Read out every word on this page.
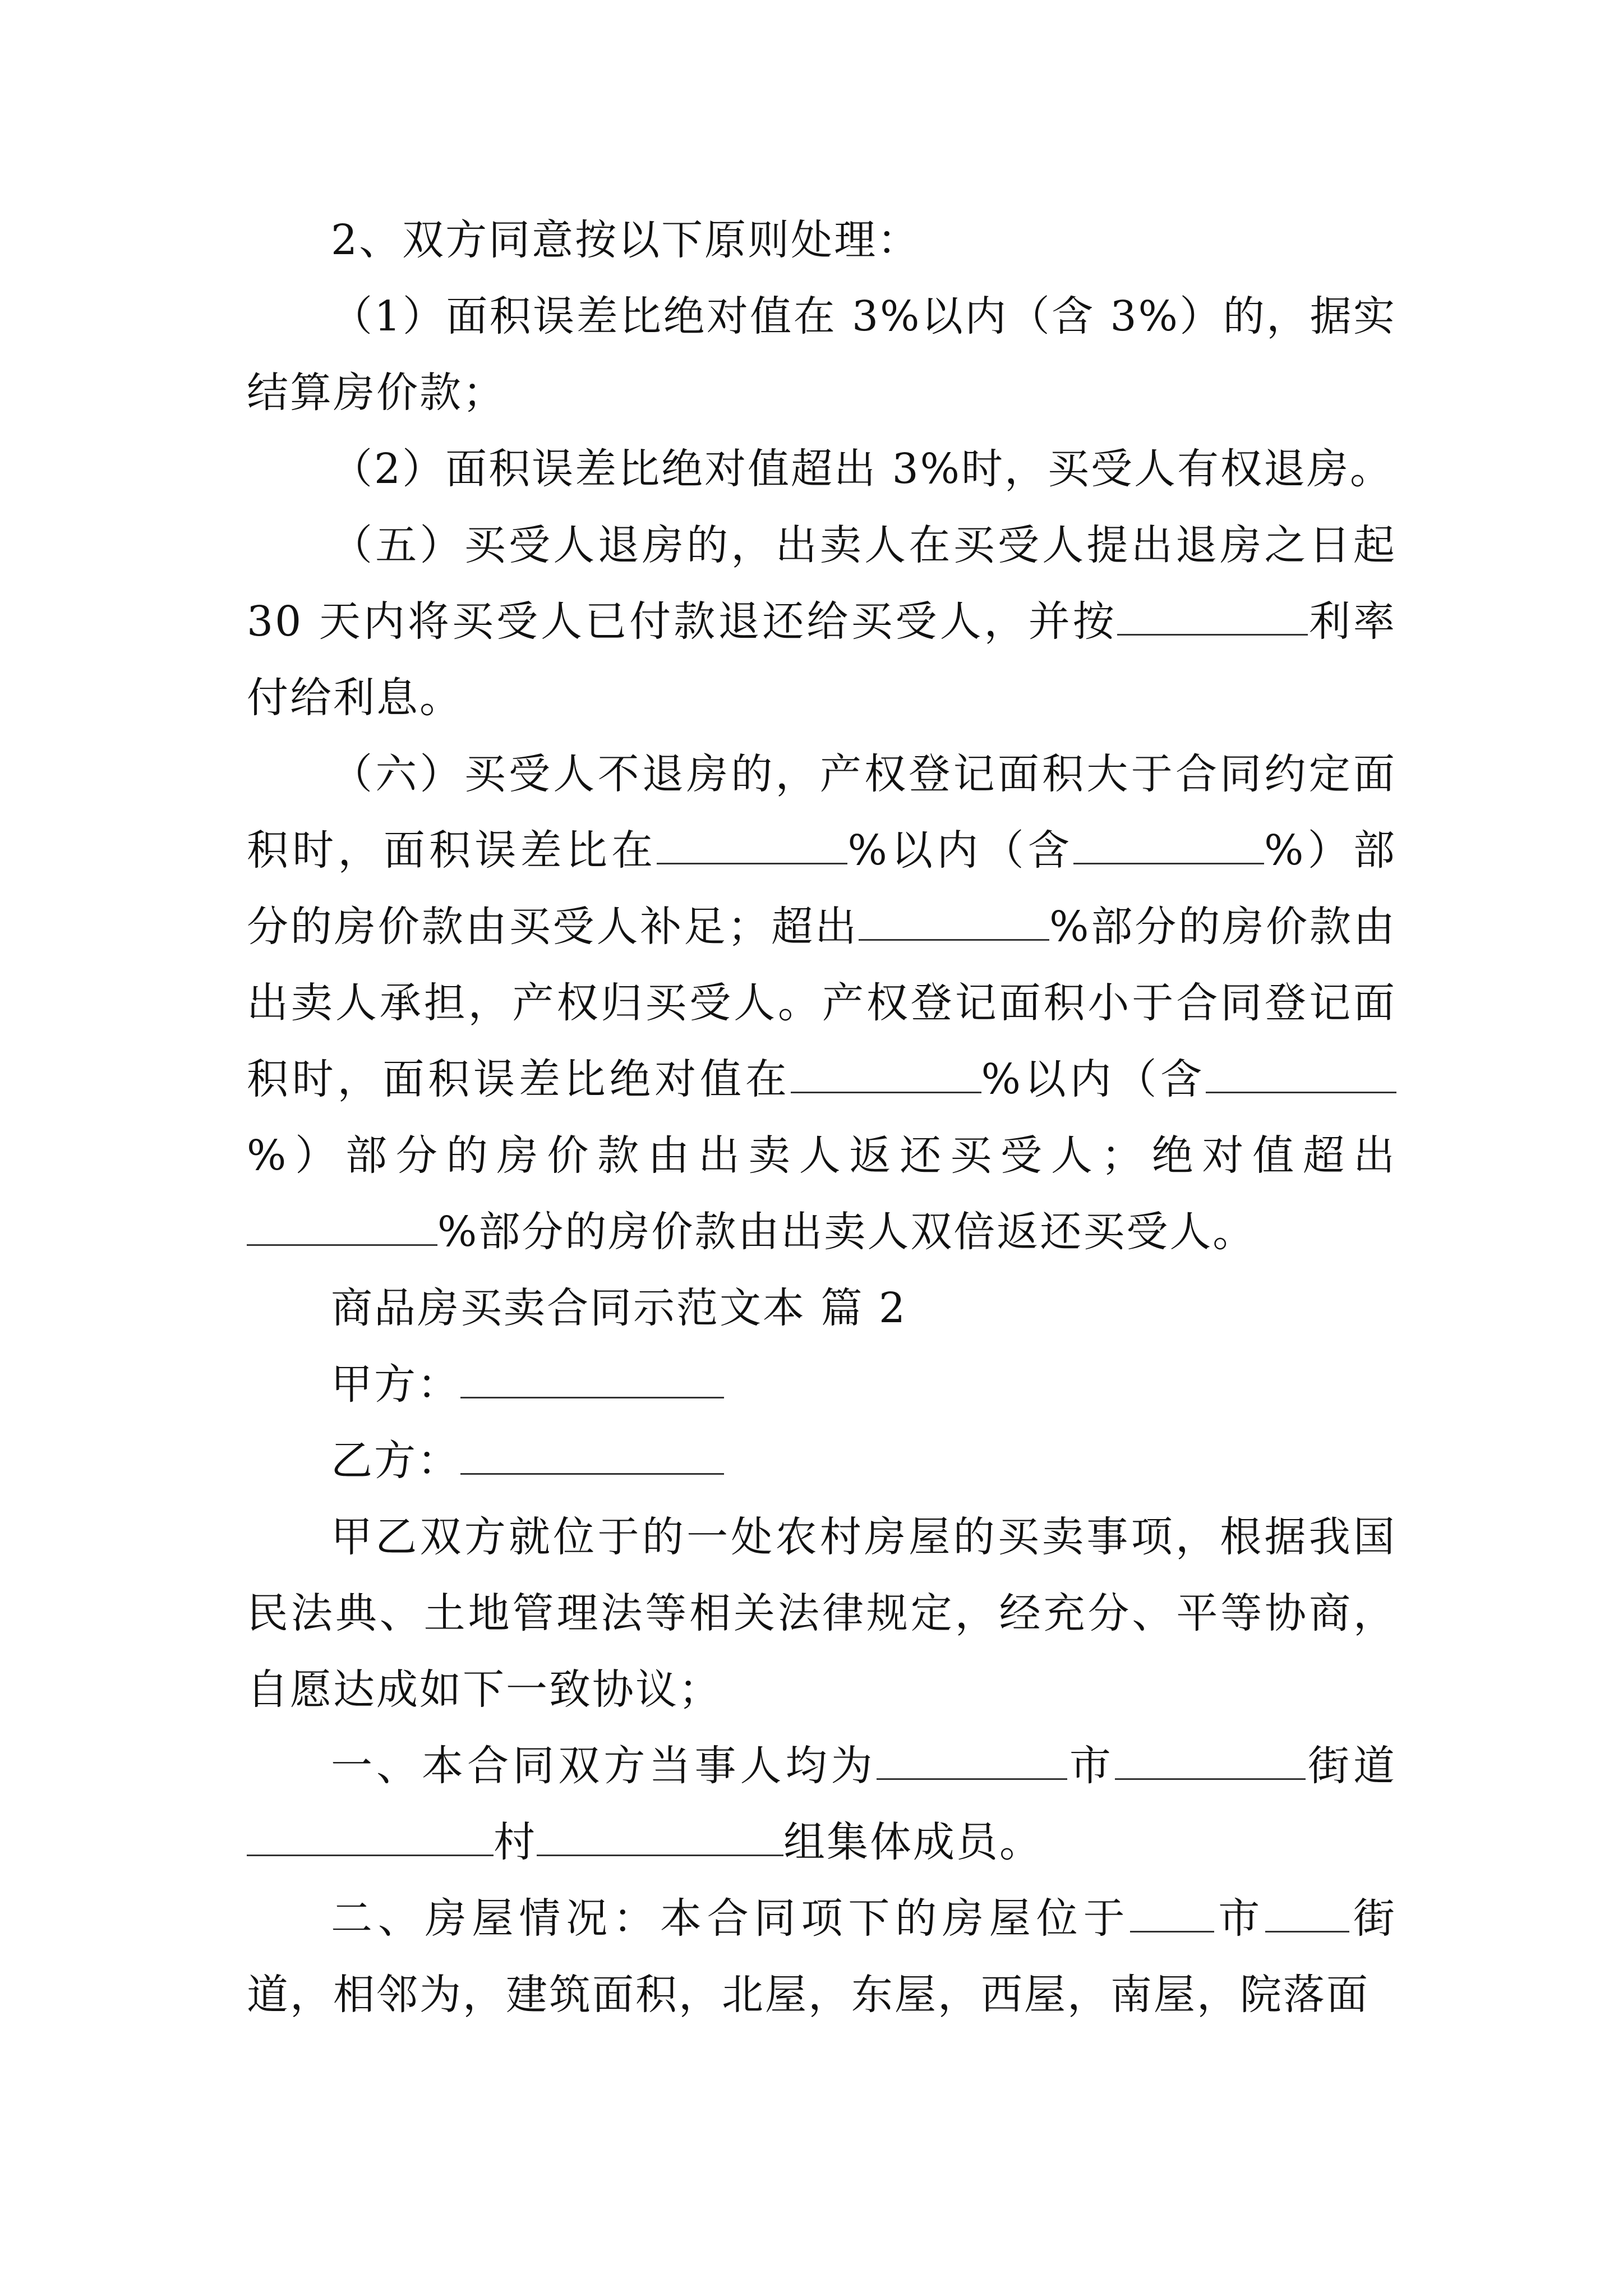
2、双方同意按以下原则处理：

（1）面积误差比绝对值在 3%以内（含 3%）的，据实结算房价款；

（2）面积误差比绝对值超出 3%时，买受人有权退房。

（五）买受人退房的，出卖人在买受人提出退房之日起 30 天内将买受人已付款退还给买受人，并按	利率付给利息。

（六）买受人不退房的，产权登记面积大于合同约定面积时，面积误差比在	%以内（含	%）部分的房价款由买受人补足；超出	%部分的房价款由出卖人承担，产权归买受人。产权登记面积小于合同登记面积时，面积误差比绝对值在	%以内（含%）部分的房价款由出卖人返还买受人；绝对值超出%部分的房价款由出卖人双倍返还买受人。

商品房买卖合同示范文本 篇 2

甲方：

乙方：

甲乙双方就位于的一处农村房屋的买卖事项，根据我国民法典、土地管理法等相关法律规定，经充分、平等协商，自愿达成如下一致协议；

一、本合同双方当事人均为	市	街道村	组集体成员。

二、房屋情况：本合同项下的房屋位于 市 街道，相邻为，建筑面积，北屋，东屋，西屋，南屋，院落面
